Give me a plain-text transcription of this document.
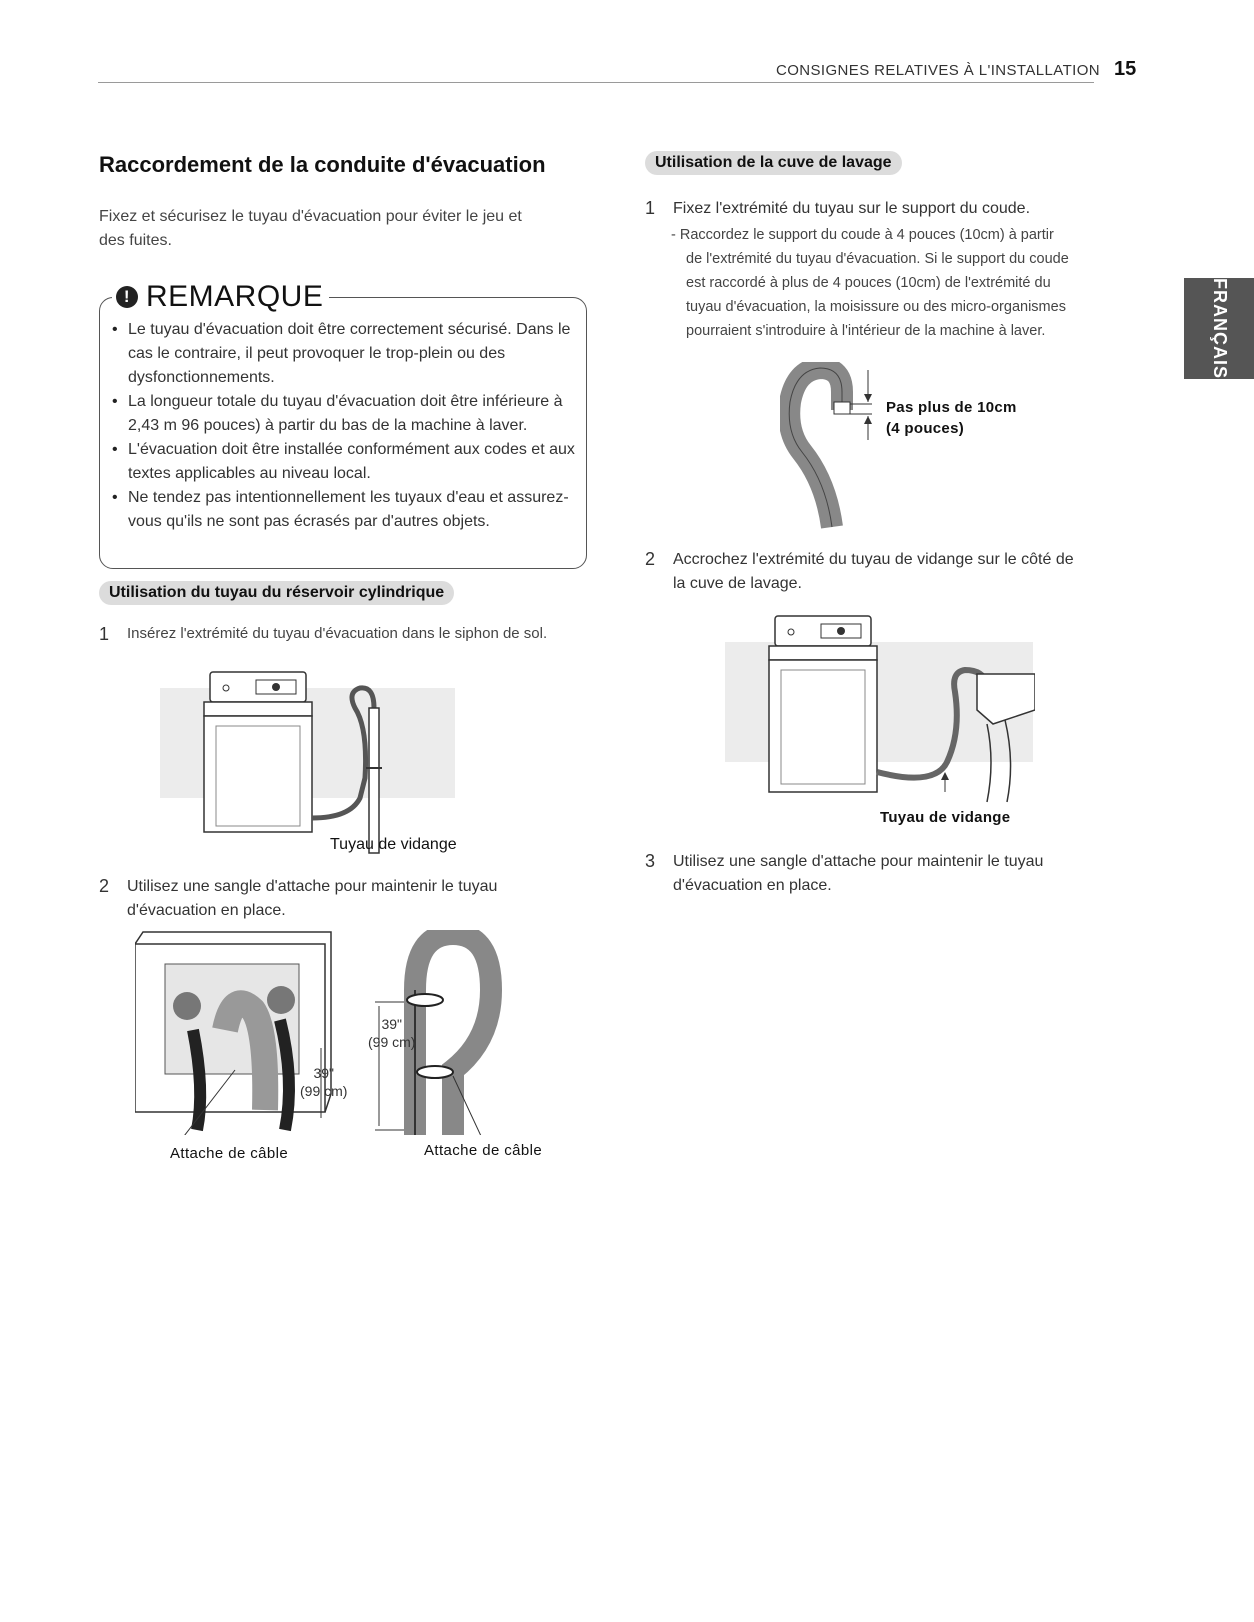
CONSIGNES RELATIVES À L'INSTALLATION 15
FRANÇAIS
Raccordement de la conduite d'évacuation
Fixez et sécurisez le tuyau d'évacuation pour éviter le jeu et
des fuites.
! REMARQUE
• Le tuyau d'évacuation doit être correctement sécurisé. Dans le cas le contraire, il peut provoquer le trop-plein ou des dysfonctionnements.
• La longueur totale du tuyau d'évacuation doit être inférieure à 2,43 m 96 pouces) à partir du bas de la machine à laver.
• L'évacuation doit être installée conformément aux codes et aux textes applicables au niveau local.
• Ne tendez pas intentionnellement les tuyaux d'eau et assurez-vous qu'ils ne sont pas écrasés par d'autres objets.
Utilisation du tuyau du réservoir cylindrique
1 Insérez l'extrémité du tuyau d'évacuation dans le siphon de sol.
Tuyau de vidange
2 Utilisez une sangle d'attache pour maintenir le tuyau
d'évacuation en place.
39"
(99 cm)
39"
(99 cm)
Attache de câble	Attache de câble
Utilisation de la cuve de lavage
1 Fixez l'extrémité du tuyau sur le support du coude.
- Raccordez le support du coude à 4 pouces (10cm) à partir
de l'extrémité du tuyau d'évacuation. Si le support du coude
est raccordé à plus de 4 pouces (10cm) de l'extrémité du
tuyau d'évacuation, la moisissure ou des micro-organismes
pourraient s'introduire à l'intérieur de la machine à laver.
Pas plus de 10cm
(4 pouces)
2 Accrochez l'extrémité du tuyau de vidange sur le côté de
la cuve de lavage.
Tuyau de vidange
3 Utilisez une sangle d'attache pour maintenir le tuyau
d'évacuation en place.
